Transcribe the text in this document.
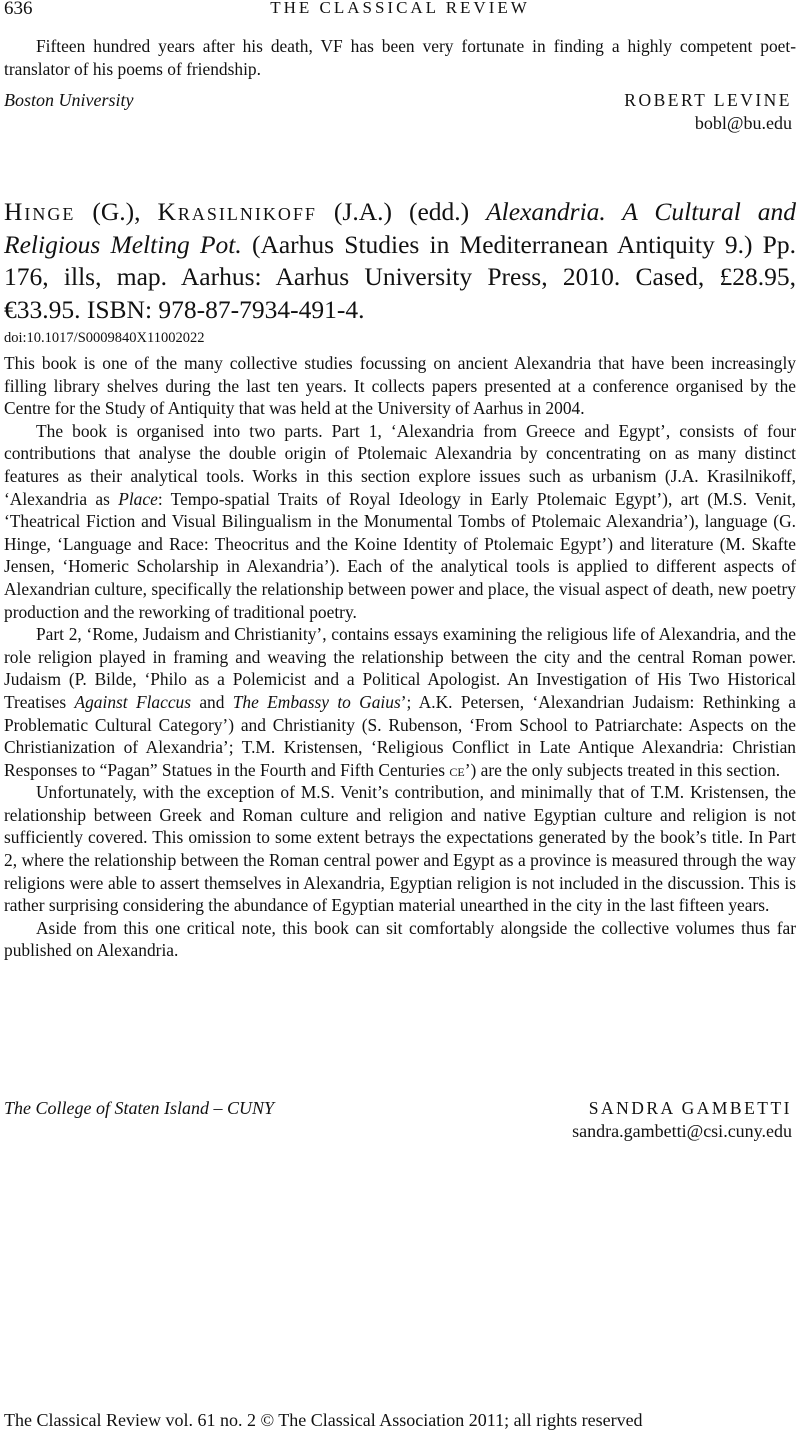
636	THE CLASSICAL REVIEW

Fifteen hundred years after his death, VF has been very fortunate in finding a highly competent poet-translator of his poems of friendship.

Boston University	ROBERT LEVINE
bobl@bu.edu

Hinge (G.), Krasilnikoff (J.A.) (edd.) Alexandria. A Cultural and Religious Melting Pot. (Aarhus Studies in Mediterranean Antiquity 9.) Pp. 176, ills, map. Aarhus: Aarhus University Press, 2010. Cased, £28.95, €33.95. ISBN: 978-87-7934-491-4.

doi:10.1017/S0009840X11002022

This book is one of the many collective studies focussing on ancient Alexandria that have been increasingly filling library shelves during the last ten years. It collects papers presented at a conference organised by the Centre for the Study of Antiquity that was held at the University of Aarhus in 2004.

The book is organised into two parts. Part 1, ‘Alexandria from Greece and Egypt’, consists of four contributions that analyse the double origin of Ptolemaic Alexandria by concentrating on as many distinct features as their analytical tools. Works in this section explore issues such as urbanism (J.A. Krasilnikoff, ‘Alexandria as Place: Tempo-spatial Traits of Royal Ideology in Early Ptolemaic Egypt’), art (M.S. Venit, ‘Theatrical Fiction and Visual Bilingualism in the Monumental Tombs of Ptolemaic Alexandria’), language (G. Hinge, ‘Language and Race: Theocritus and the Koine Identity of Ptolemaic Egypt’) and literature (M. Skafte Jensen, ‘Homeric Scholarship in Alexandria’). Each of the analytical tools is applied to different aspects of Alexandrian culture, specifically the relationship between power and place, the visual aspect of death, new poetry production and the reworking of traditional poetry.

Part 2, ‘Rome, Judaism and Christianity’, contains essays examining the religious life of Alexandria, and the role religion played in framing and weaving the relationship between the city and the central Roman power. Judaism (P. Bilde, ‘Philo as a Polemicist and a Political Apologist. An Investigation of His Two Historical Treatises Against Flaccus and The Embassy to Gaius’; A.K. Petersen, ‘Alexandrian Judaism: Rethinking a Problematic Cultural Category’) and Christianity (S. Rubenson, ‘From School to Patriarchate: Aspects on the Christianization of Alexandria’; T.M. Kristensen, ‘Religious Conflict in Late Antique Alexandria: Christian Responses to “Pagan” Statues in the Fourth and Fifth Centuries ce’) are the only subjects treated in this section.

Unfortunately, with the exception of M.S. Venit’s contribution, and minimally that of T.M. Kristensen, the relationship between Greek and Roman culture and religion and native Egyptian culture and religion is not sufficiently covered. This omission to some extent betrays the expectations generated by the book’s title. In Part 2, where the relationship between the Roman central power and Egypt as a province is measured through the way religions were able to assert themselves in Alexandria, Egyptian religion is not included in the discussion. This is rather surprising considering the abundance of Egyptian material unearthed in the city in the last fifteen years.

Aside from this one critical note, this book can sit comfortably alongside the collective volumes thus far published on Alexandria.

The College of Staten Island – CUNY	SANDRA GAMBETTI
sandra.gambetti@csi.cuny.edu
The Classical Review vol. 61 no. 2 © The Classical Association 2011; all rights reserved
